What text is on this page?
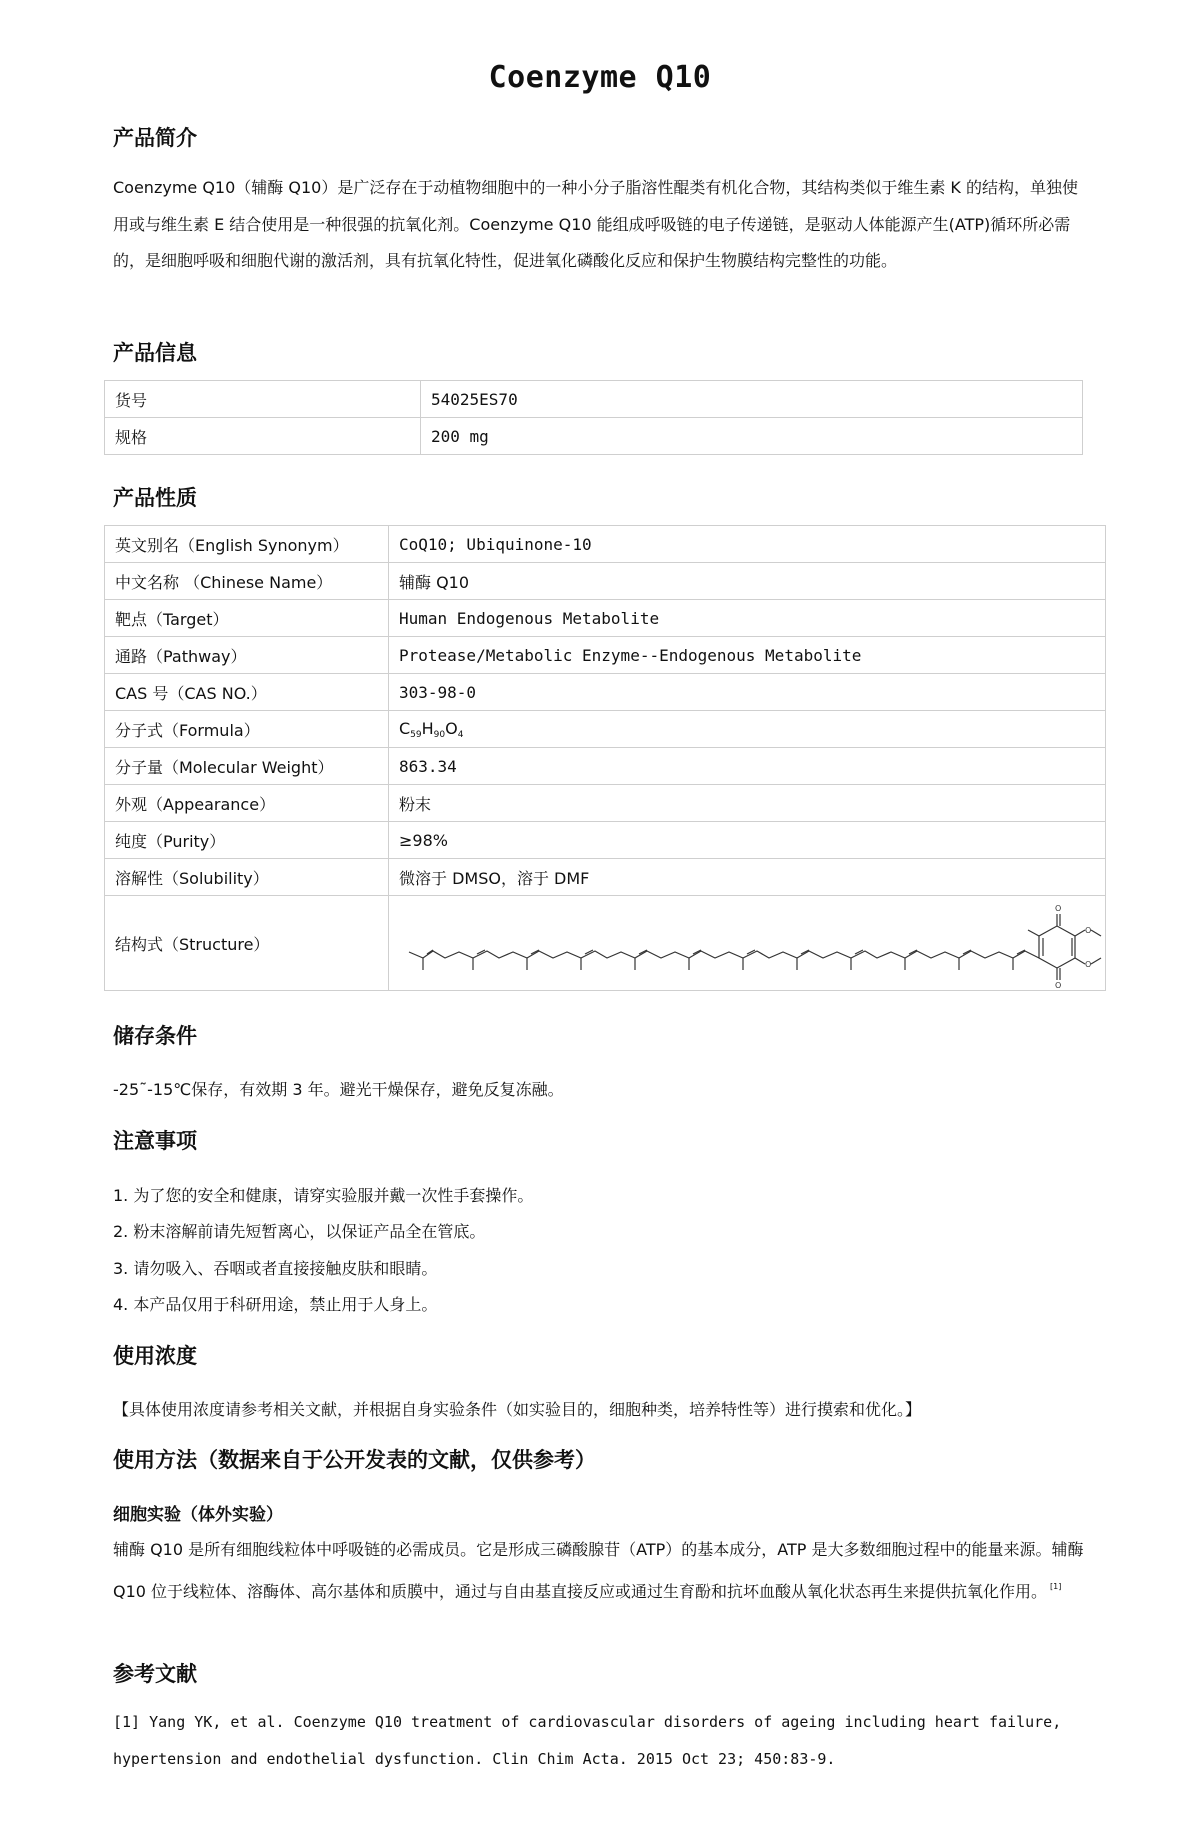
Coenzyme Q10
产品简介
Coenzyme Q10（辅酶 Q10）是广泛存在于动植物细胞中的一种小分子脂溶性醌类有机化合物，其结构类似于维生素 K 的结构，单独使用或与维生素 E 结合使用是一种很强的抗氧化剂。Coenzyme Q10 能组成呼吸链的电子传递链，是驱动人体能源产生(ATP)循环所必需的，是细胞呼吸和细胞代谢的激活剂，具有抗氧化特性，促进氧化磷酸化反应和保护生物膜结构完整性的功能。
产品信息
货号	54025ES70
规格	200 mg
产品性质
英文别名（English Synonym）	CoQ10; Ubiquinone-10
中文名称 （Chinese Name）	辅酶 Q10
靶点（Target）	Human Endogenous Metabolite
通路（Pathway）	Protease/Metabolic Enzyme--Endogenous Metabolite
CAS 号（CAS NO.）	303-98-0
分子式（Formula）	$C_{59}H_{90}O_4$
分子量（Molecular Weight）	863.34
外观（Appearance）	粉末
纯度（Purity）	≥98%
溶解性（Solubility）	微溶于 DMSO，溶于 DMF
结构式（Structure）	O
O
O
O
储存条件
-25˜-15℃保存，有效期 3 年。避光干燥保存，避免反复冻融。
注意事项
1. 为了您的安全和健康，请穿实验服并戴一次性手套操作。
2. 粉末溶解前请先短暂离心，以保证产品全在管底。
3. 请勿吸入、吞咽或者直接接触皮肤和眼睛。
4. 本产品仅用于科研用途，禁止用于人身上。
使用浓度
【具体使用浓度请参考相关文献，并根据自身实验条件（如实验目的，细胞种类，培养特性等）进行摸索和优化。】
使用方法（数据来自于公开发表的文献，仅供参考）
细胞实验（体外实验）
辅酶 Q10 是所有细胞线粒体中呼吸链的必需成员。它是形成三磷酸腺苷（ATP）的基本成分，ATP 是大多数细胞过程中的能量来源。辅酶 Q10 位于线粒体、溶酶体、高尔基体和质膜中，通过与自由基直接反应或通过生育酚和抗坏血酸从氧化状态再生来提供抗氧化作用。 [1]
参考文献
[1] Yang YK, et al. Coenzyme Q10 treatment of cardiovascular disorders of ageing including heart failure, hypertension and endothelial dysfunction. Clin Chim Acta. 2015 Oct 23; 450:83-9.
